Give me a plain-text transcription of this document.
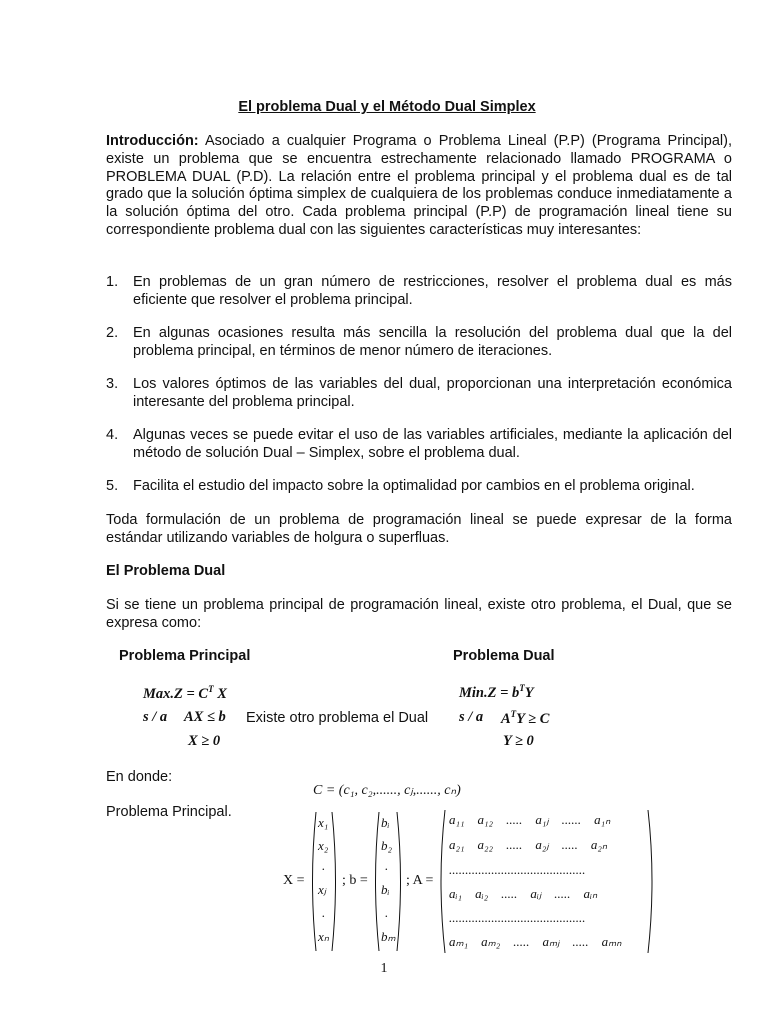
El problema Dual y el Método Dual Simplex
Introducción: Asociado a cualquier Programa o Problema Lineal (P.P) (Programa Principal), existe un problema que se encuentra estrechamente relacionado llamado PROGRAMA o PROBLEMA DUAL (P.D). La relación entre el problema principal y el problema dual es de tal grado que la solución óptima simplex de cualquiera de los problemas conduce inmediatamente a la solución óptima del otro. Cada problema principal (P.P) de programación lineal tiene su correspondiente problema dual con las siguientes características muy interesantes:
1. En problemas de un gran número de restricciones, resolver el problema dual es más eficiente que resolver el problema principal.
2. En algunas ocasiones resulta más sencilla la resolución del problema dual que la del problema principal, en términos de menor número de iteraciones.
3. Los valores óptimos de las variables del dual, proporcionan una interpretación económica interesante del problema principal.
4. Algunas veces se puede evitar el uso de las variables artificiales, mediante la aplicación del método de solución Dual – Simplex, sobre el problema dual.
5. Facilita el estudio del impacto sobre la optimalidad por cambios en el problema original.
Toda formulación de un problema de programación lineal se puede expresar de la forma estándar utilizando variables de holgura o superfluas.
El Problema Dual
Si se tiene un problema principal de programación lineal, existe otro problema, el Dual, que se expresa como:
Problema Principal	Problema Dual
$Max.Z = C^T$ X
s / a AX ≤ b
X ≥ 0
Existe otro problema el Dual
$Min.Z = b^TY$
s / a $A^TY \ge C$
Y ≥ 0
En donde:
C = (c₁, c₂,......, cⱼ,......, cₙ)
Problema Principal.
X =
x₁
x₂
.
xⱼ
.
xₙ
; b =
bᵢ
b₂
.
bᵢ
.
bₘ
; A =
a₁₁    a₁₂    .....    a₁ⱼ    ......    a₁ₙ
a₂₁    a₂₂    .....    a₂ⱼ    .....    a₂ₙ
..........................................
aᵢ₁    aᵢ₂    .....    aᵢⱼ    .....    aᵢₙ
..........................................
aₘ₁    aₘ₂    .....    aₘⱼ    .....    aₘₙ
1
